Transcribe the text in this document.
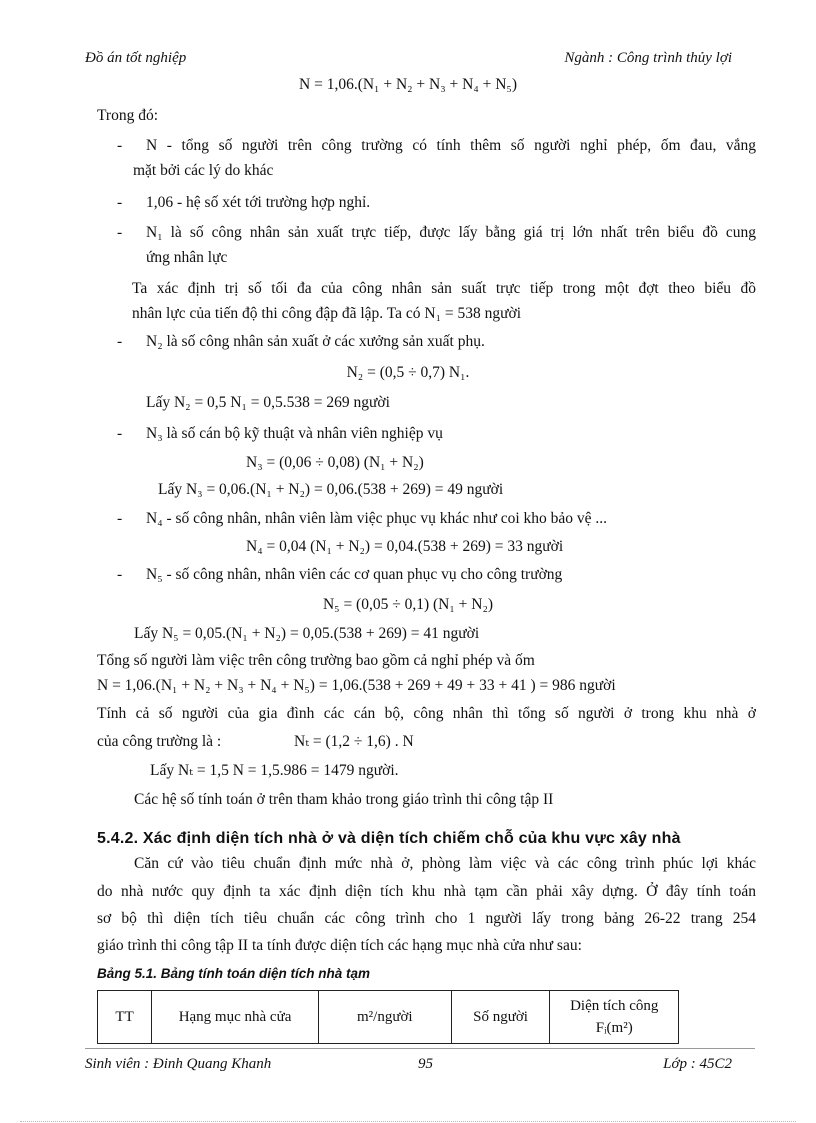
Đồ án tốt nghiệp	Ngành : Công trình thủy lợi
N = 1,06.(N₁ + N₂ + N₃ + N₄ + N₅)
Trong đó:
- N - tổng số người trên công trường có tính thêm số người nghỉ phép, ốm đau, vắng
mặt bởi các lý do khác
- 1,06 - hệ số xét tới trường hợp nghỉ.
- N₁ là số công nhân sản xuất trực tiếp, được lấy bằng giá trị lớn nhất trên biểu đồ cung
ứng nhân lực
Ta xác định trị số tối đa của công nhân sản suất trực tiếp trong một đợt theo biểu đồ
nhân lực của tiến độ thi công đập đã lập. Ta có N₁ = 538 người
- N₂ là số công nhân sản xuất ở các xưởng sản xuất phụ.
N₂ = (0,5 ÷ 0,7) N₁.
Lấy N₂ = 0,5 N₁ = 0,5.538 = 269 người
- N₃ là số cán bộ kỹ thuật và nhân viên nghiệp vụ
N₃ = (0,06 ÷ 0,08) (N₁ + N₂)
Lấy N₃ = 0,06.(N₁ + N₂) = 0,06.(538 + 269) = 49 người
- N₄ - số công nhân, nhân viên làm việc phục vụ khác như coi kho bảo vệ ...
N₄ = 0,04 (N₁ + N₂) = 0,04.(538 + 269) = 33 người
- N₅ - số công nhân, nhân viên các cơ quan phục vụ cho công trường
N₅ = (0,05 ÷ 0,1) (N₁ + N₂)
Lấy N₅ = 0,05.(N₁ + N₂) = 0,05.(538 + 269) = 41 người
Tổng số người làm việc trên công trường bao gồm cả nghỉ phép và ốm
N = 1,06.(N₁ + N₂ + N₃ + N₄ + N₅) = 1,06.(538 + 269 + 49 + 33 + 41 ) = 986 người
Tính cả số người của gia đình các cán bộ, công nhân thì tổng số người ở trong khu nhà ở
của công trường là :	Nₜ = (1,2 ÷ 1,6) . N
Lấy Nₜ = 1,5 N = 1,5.986 = 1479 người.
Các hệ số tính toán ở trên tham khảo trong giáo trình thi công tập II
5.4.2. Xác định diện tích nhà ở và diện tích chiếm chỗ của khu vực xây nhà
Căn cứ vào tiêu chuẩn định mức nhà ở, phòng làm việc và các công trình phúc lợi khác
do nhà nước quy định ta xác định diện tích khu nhà tạm cần phải xây dựng. Ở đây tính toán
sơ bộ thì diện tích tiêu chuẩn các công trình cho 1 người lấy trong bảng 26-22 trang 254
giáo trình thi công tập II ta tính được diện tích các hạng mục nhà cửa như sau:
Bảng 5.1. Bảng tính toán diện tích nhà tạm
TT	Hạng mục nhà cửa	m²/người	Số người	Diện tích công Fᵢ(m²)
Sinh viên : Đinh Quang Khanh	95	Lớp : 45C2
